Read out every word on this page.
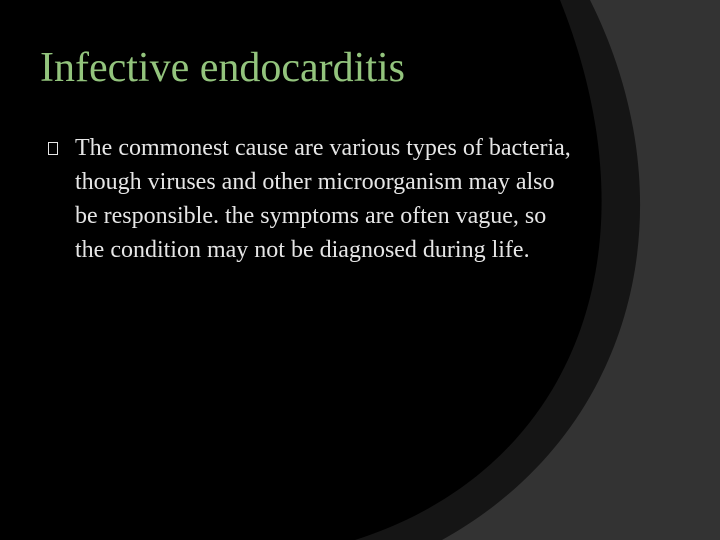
Infective endocarditis
The commonest cause are various types of bacteria, though viruses and other microorganism may also be responsible. the symptoms are often vague, so the condition may not be diagnosed during life.
